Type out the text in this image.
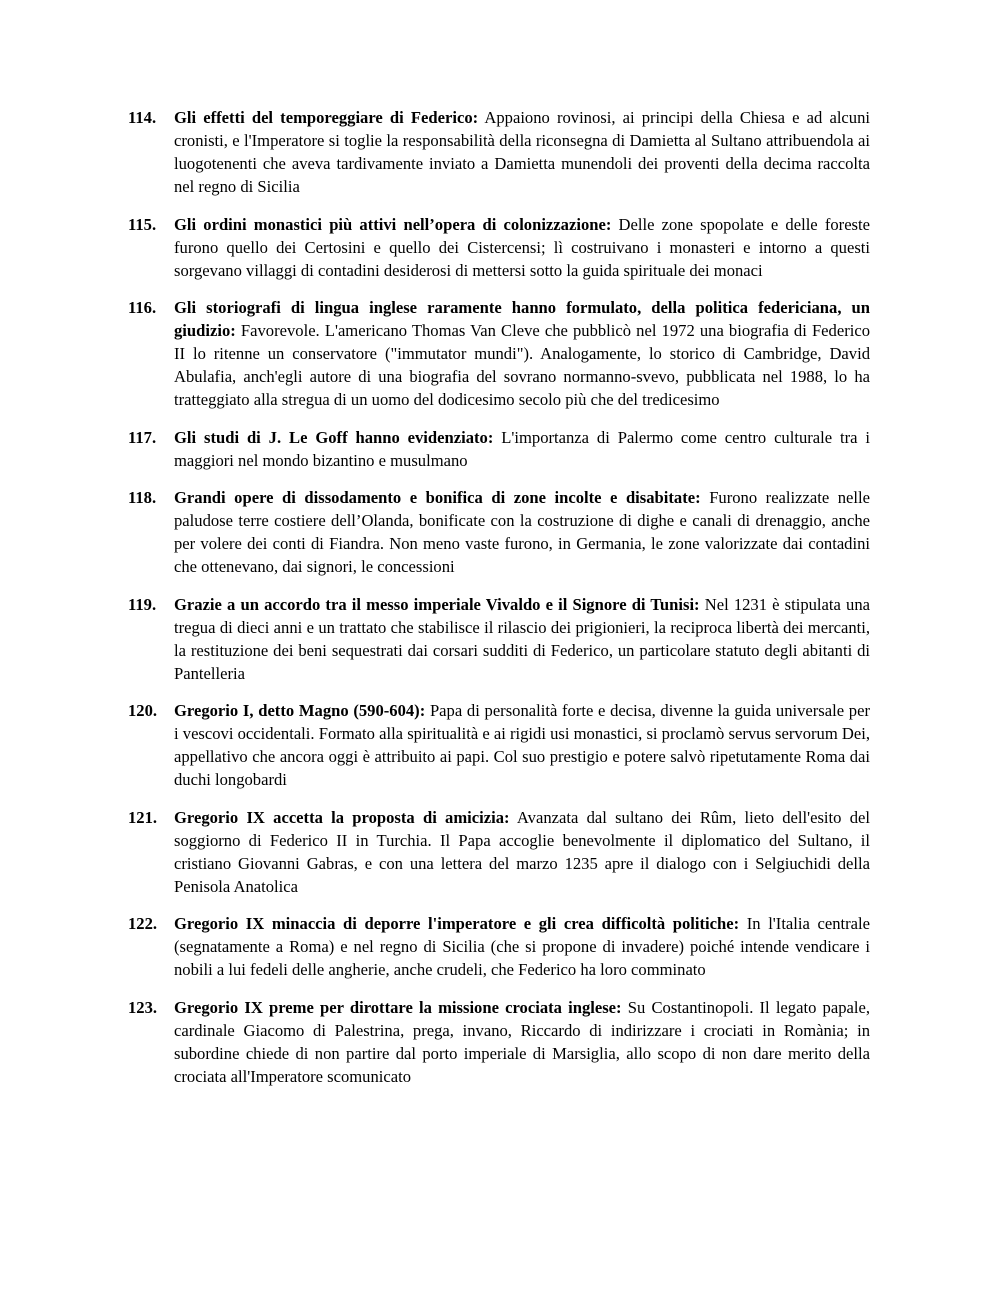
114. Gli effetti del temporeggiare di Federico: Appaiono rovinosi, ai principi della Chiesa e ad alcuni cronisti, e l'Imperatore si toglie la responsabilità della riconsegna di Damietta al Sultano attribuendola ai luogotenenti che aveva tardivamente inviato a Damietta munendoli dei proventi della decima raccolta nel regno di Sicilia
115. Gli ordini monastici più attivi nell’opera di colonizzazione: Delle zone spopolate e delle foreste furono quello dei Certosini e quello dei Cistercensi; lì costruivano i monasteri e intorno a questi sorgevano villaggi di contadini desiderosi di mettersi sotto la guida spirituale dei monaci
116. Gli storiografi di lingua inglese raramente hanno formulato, della politica federiciana, un giudizio: Favorevole. L'americano Thomas Van Cleve che pubblicò nel 1972 una biografia di Federico II lo ritenne un conservatore ("immutator mundi"). Analogamente, lo storico di Cambridge, David Abulafia, anch'egli autore di una biografia del sovrano normanno-svevo, pubblicata nel 1988, lo ha tratteggiato alla stregua di un uomo del dodicesimo secolo più che del tredicesimo
117. Gli studi di J. Le Goff hanno evidenziato: L'importanza di Palermo come centro culturale tra i maggiori nel mondo bizantino e musulmano
118. Grandi opere di dissodamento e bonifica di zone incolte e disabitate: Furono realizzate nelle paludose terre costiere dell’Olanda, bonificate con la costruzione di dighe e canali di drenaggio, anche per volere dei conti di Fiandra. Non meno vaste furono, in Germania, le zone valorizzate dai contadini che ottenevano, dai signori, le concessioni
119. Grazie a un accordo tra il messo imperiale Vivaldo e il Signore di Tunisi: Nel 1231 è stipulata una tregua di dieci anni e un trattato che stabilisce il rilascio dei prigionieri, la reciproca libertà dei mercanti, la restituzione dei beni sequestrati dai corsari sudditi di Federico, un particolare statuto degli abitanti di Pantelleria
120. Gregorio I, detto Magno (590-604): Papa di personalità forte e decisa, divenne la guida universale per i vescovi occidentali. Formato alla spiritualità e ai rigidi usi monastici, si proclamò servus servorum Dei, appellativo che ancora oggi è attribuito ai papi. Col suo prestigio e potere salvò ripetutamente Roma dai duchi longobardi
121. Gregorio IX accetta la proposta di amicizia: Avanzata dal sultano dei Rûm, lieto dell'esito del soggiorno di Federico II in Turchia. Il Papa accoglie benevolmente il diplomatico del Sultano, il cristiano Giovanni Gabras, e con una lettera del marzo 1235 apre il dialogo con i Selgiuchidi della Penisola Anatolica
122. Gregorio IX minaccia di deporre l'imperatore e gli crea difficoltà politiche: In l'Italia centrale (segnatamente a Roma) e nel regno di Sicilia (che si propone di invadere) poiché intende vendicare i nobili a lui fedeli delle angherie, anche crudeli, che Federico ha loro comminato
123. Gregorio IX preme per dirottare la missione crociata inglese: Su Costantinopoli. Il legato papale, cardinale Giacomo di Palestrina, prega, invano, Riccardo di indirizzare i crociati in Romània; in subordine chiede di non partire dal porto imperiale di Marsiglia, allo scopo di non dare merito della crociata all'Imperatore scomunicato
